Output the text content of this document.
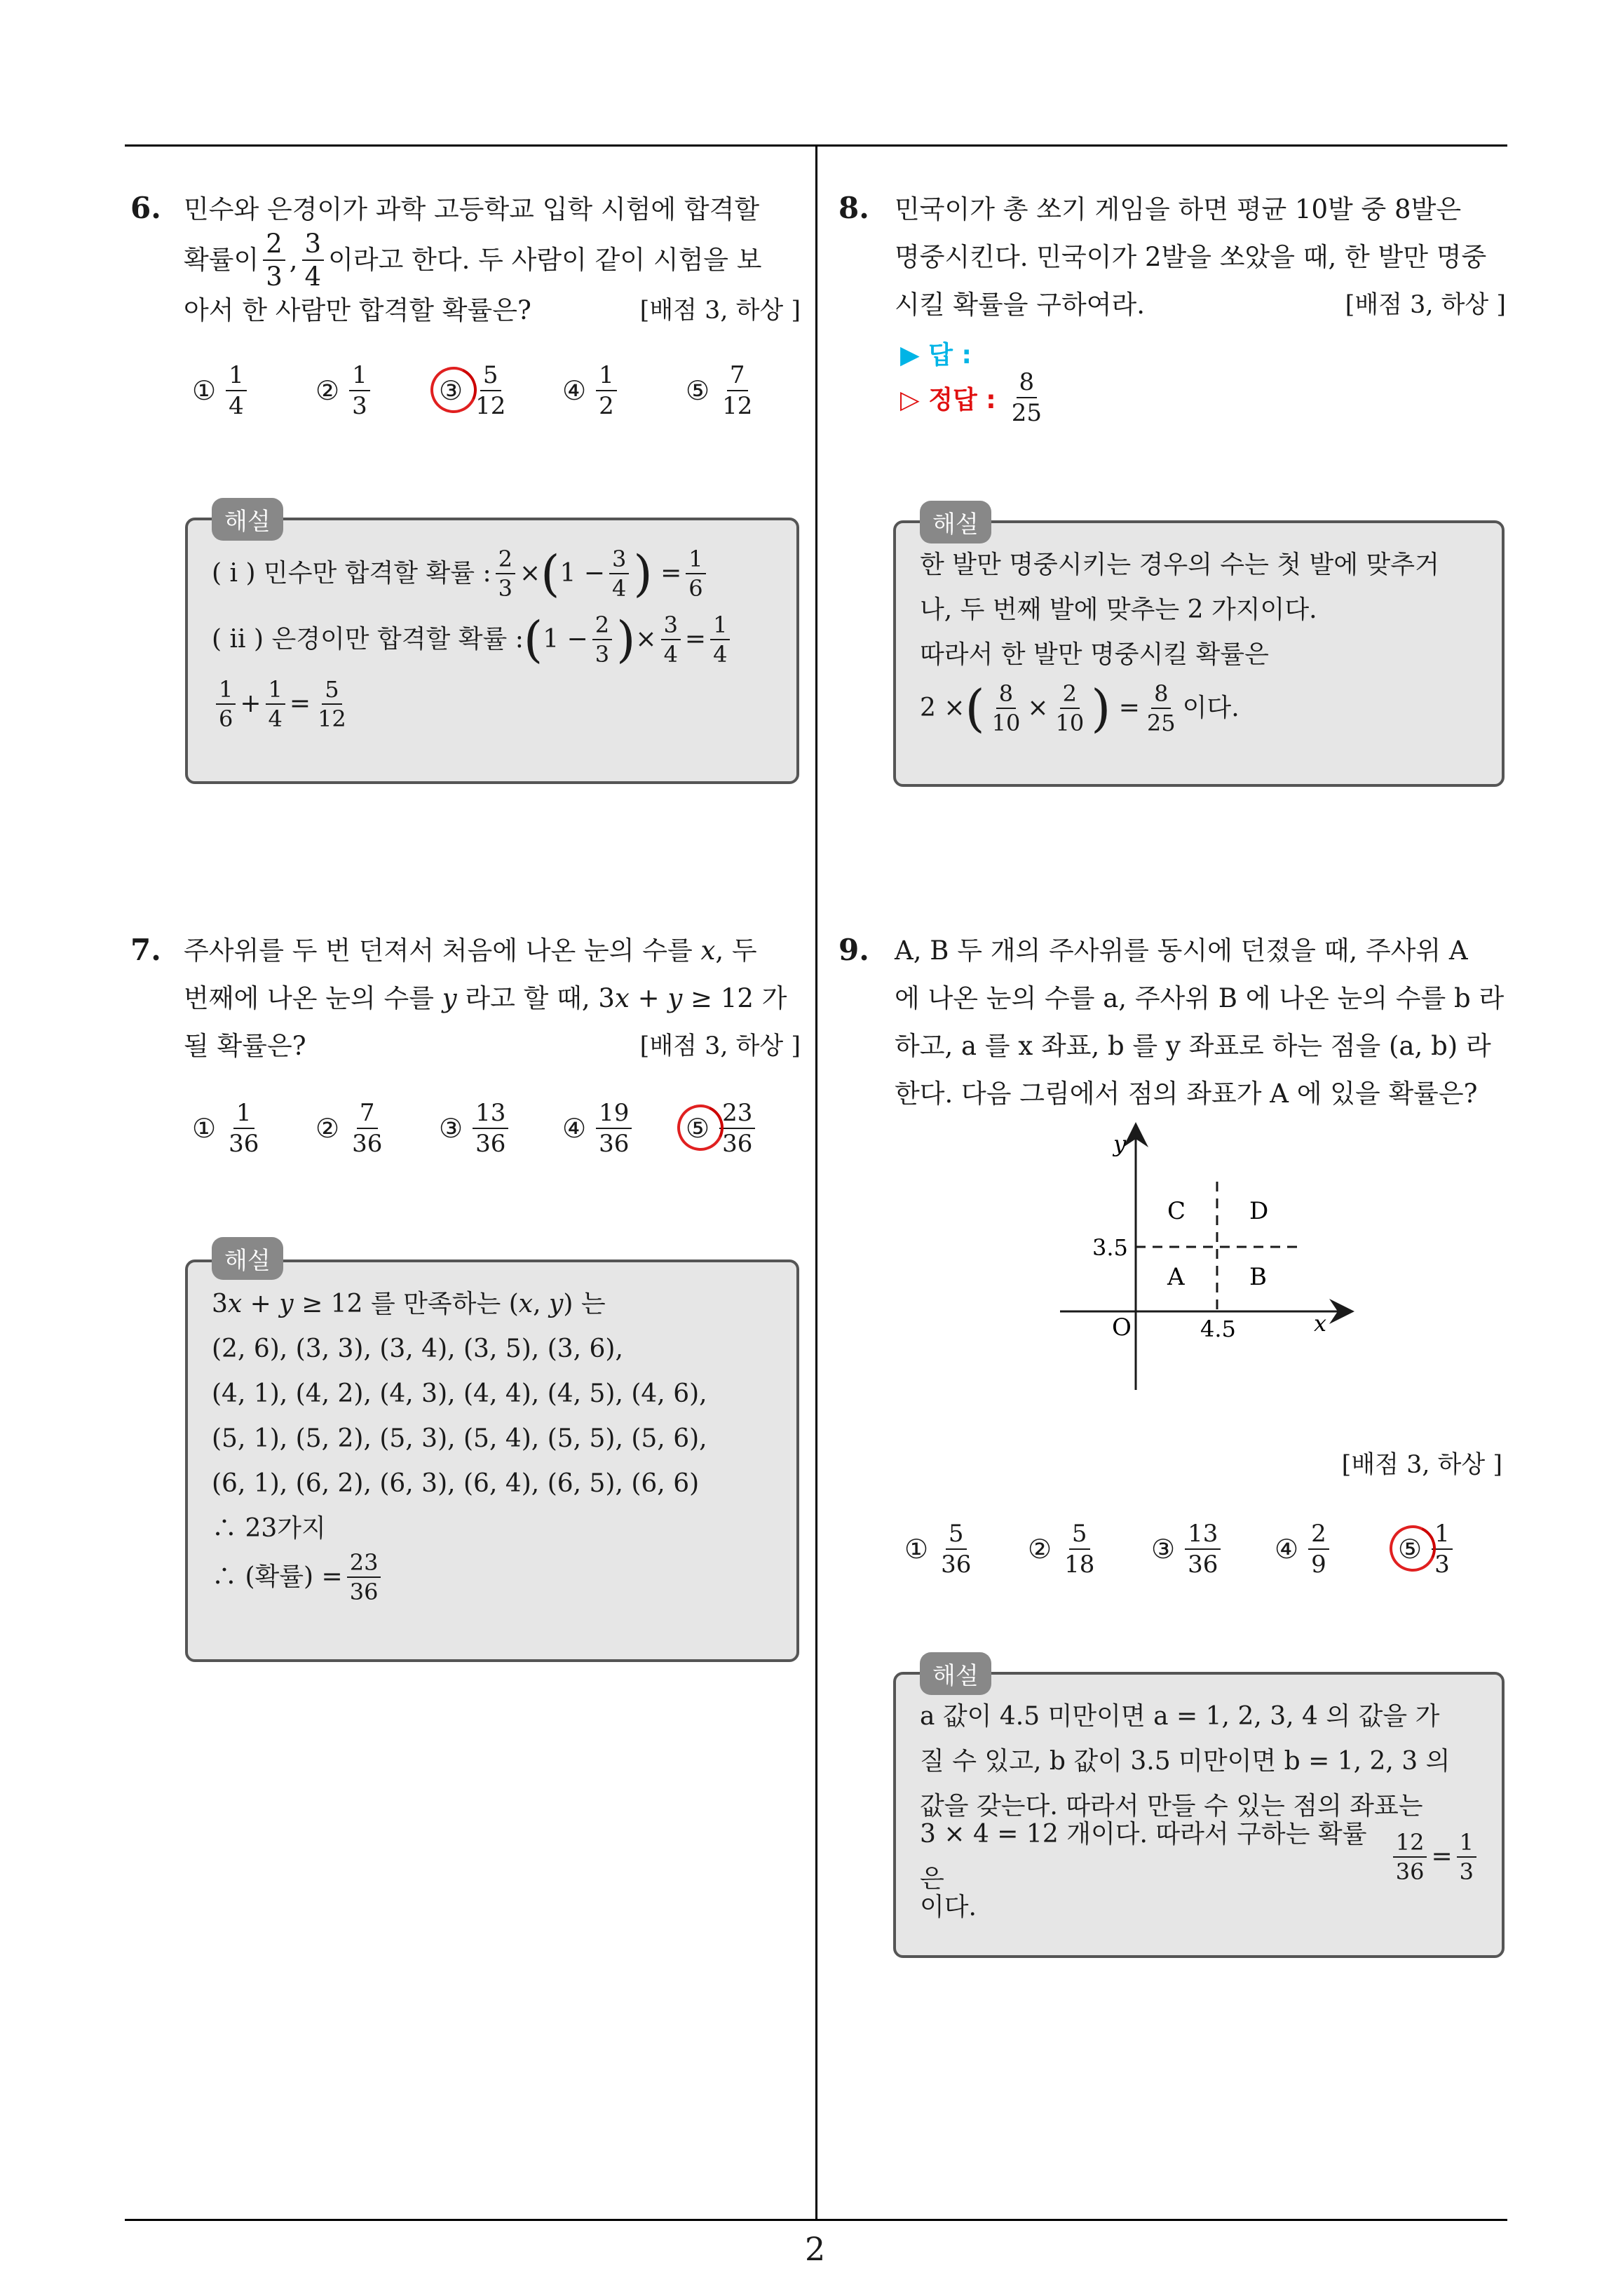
2
6. 민수와 은경이가 과학 고등학교 입학 시험에 합격할
확률이 $\frac{2}{3}$ , $\frac{3}{4}$ 이라고 한다. 두 사람이 같이 시험을 보
아서 한 사람만 합격할 확률은?	[배점 3, 하상 ]
① $\frac{1}{4}$	② $\frac{1}{3}$	③ $\frac{5}{12}$ ④ $\frac{1}{2}$	⑤ $\frac{7}{12}$
( i ) 민수만 합격할 확률 : $\frac{2}{3}$ × ( $1 - \frac{3}{4}$ ) = $\frac{1}{6}$
( ii ) 은경이만 합격할 확률 : ( $1 - \frac{2}{3}$ ) × $\frac{3}{4} = \frac{1}{4}$
$\frac{1}{6} + \frac{1}{4} = \frac{5}{12}$
해설
7. 주사위를 두 번 던져서 처음에 나온 눈의 수를 x, 두
번째에 나온 눈의 수를 y 라고 할 때, 3x + y ≥ 12 가
될 확률은?	[배점 3, 하상 ]
① $\frac{1}{36}$ ② $\frac{7}{36}$ ③ $\frac{13}{36}$ ④ $\frac{19}{36}$ ⑤ $\frac{23}{36}$
3x + y ≥ 12 를 만족하는 (x, y) 는
(2, 6), (3, 3), (3, 4), (3, 5), (3, 6),
(4, 1), (4, 2), (4, 3), (4, 4), (4, 5), (4, 6),
(5, 1), (5, 2), (5, 3), (5, 4), (5, 5), (5, 6),
(6, 1), (6, 2), (6, 3), (6, 4), (6, 5), (6, 6)
∴ 23가지
∴ (확률) = $\frac{23}{36}$
해설
8. 민국이가 총 쏘기 게임을 하면 평균 10발 중 8발은
명중시킨다. 민국이가 2발을 쏘았을 때, 한 발만 명중
시킬 확률을 구하여라.	[배점 3, 하상 ]
▶ 답 :
▷ 정답 : $\frac{8}{25}$
한 발만 명중시키는 경우의 수는 첫 발에 맞추거
나, 두 번째 발에 맞추는 2 가지이다.
따라서 한 발만 명중시킬 확률은
2 × ( $\frac{8}{10} \times \frac{2}{10}$ ) = $\frac{8}{25}$ 이다.
해설
9. A, B 두 개의 주사위를 동시에 던졌을 때, 주사위 A
에 나온 눈의 수를 a, 주사위 B 에 나온 눈의 수를 b 라
하고, a 를 x 좌표, b 를 y 좌표로 하는 점을 (a, b) 라
한다. 다음 그림에서 점의 좌표가 A 에 있을 확률은?
y
x
O
3.5
4.5
C	D
A	B
[배점 3, 하상 ]
① $\frac{5}{36}$ ② $\frac{5}{18}$ ③ $\frac{13}{36}$ ④ $\frac{2}{9}$	⑤ $\frac{1}{3}$
a 값이 4.5 미만이면 a = 1, 2, 3, 4 의 값을 가
질 수 있고, b 값이 3.5 미만이면 b = 1, 2, 3 의
값을 갖는다. 따라서 만들 수 있는 점의 좌표는
3 × 4 = 12 개이다. 따라서 구하는 확률은	$\frac{12}{36} = \frac{1}{3}$
이다.
해설
